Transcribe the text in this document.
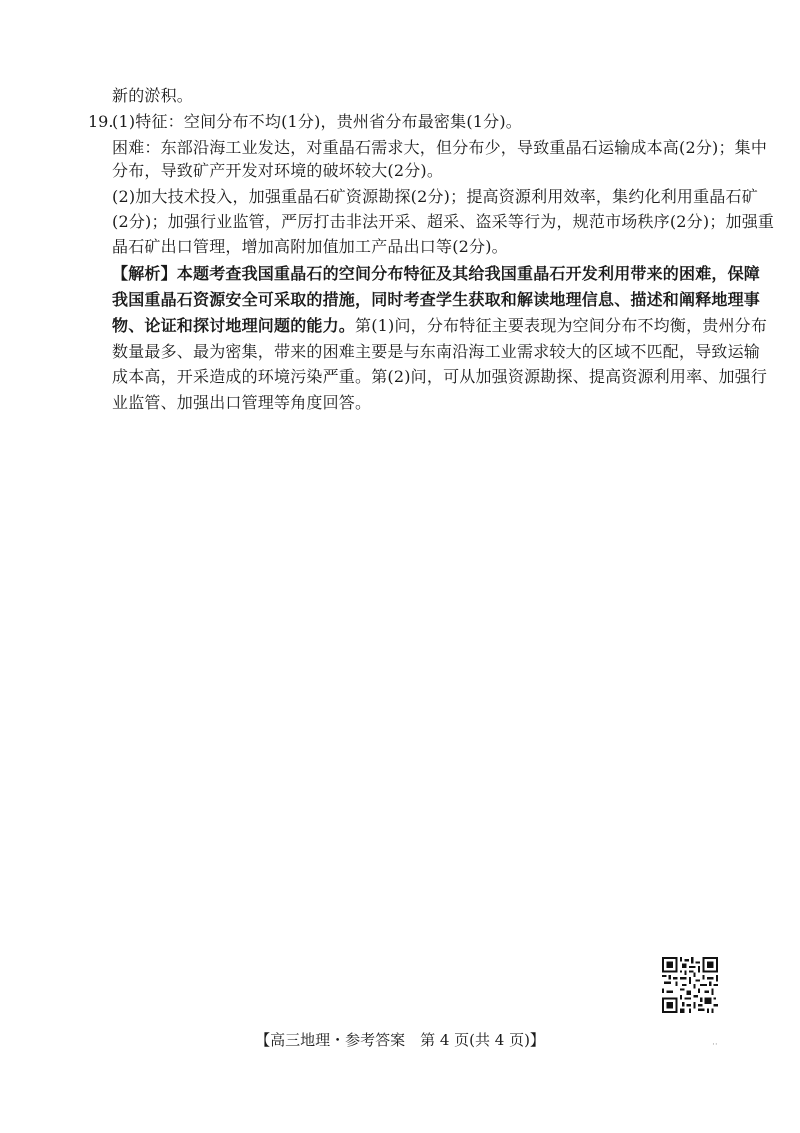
新的淤积。
19.
(1)特征：空间分布不均(1分)，贵州省分布最密集(1分)。
困难：东部沿海工业发达，对重晶石需求大，但分布少，导致重晶石运输成本高(2分)；集中
分布，导致矿产开发对环境的破坏较大(2分)。
(2)加大技术投入，加强重晶石矿资源勘探(2分)；提高资源利用效率，集约化利用重晶石矿
(2分)；加强行业监管，严厉打击非法开采、超采、盗采等行为，规范市场秩序(2分)；加强重
晶石矿出口管理，增加高附加值加工产品出口等(2分)。
【解析】本题考查我国重晶石的空间分布特征及其给我国重晶石开发利用带来的困难，保障
我国重晶石资源安全可采取的措施，同时考查学生获取和解读地理信息、描述和阐释地理事
物、论证和探讨地理问题的能力。第(1)问，分布特征主要表现为空间分布不均衡，贵州分布
数量最多、最为密集，带来的困难主要是与东南沿海工业需求较大的区域不匹配，导致运输
成本高，开采造成的环境污染严重。第(2)问，可从加强资源勘探、提高资源利用率、加强行
业监管、加强出口管理等角度回答。
【高三地理・参考答案　第 4 页(共 4 页)】	··
